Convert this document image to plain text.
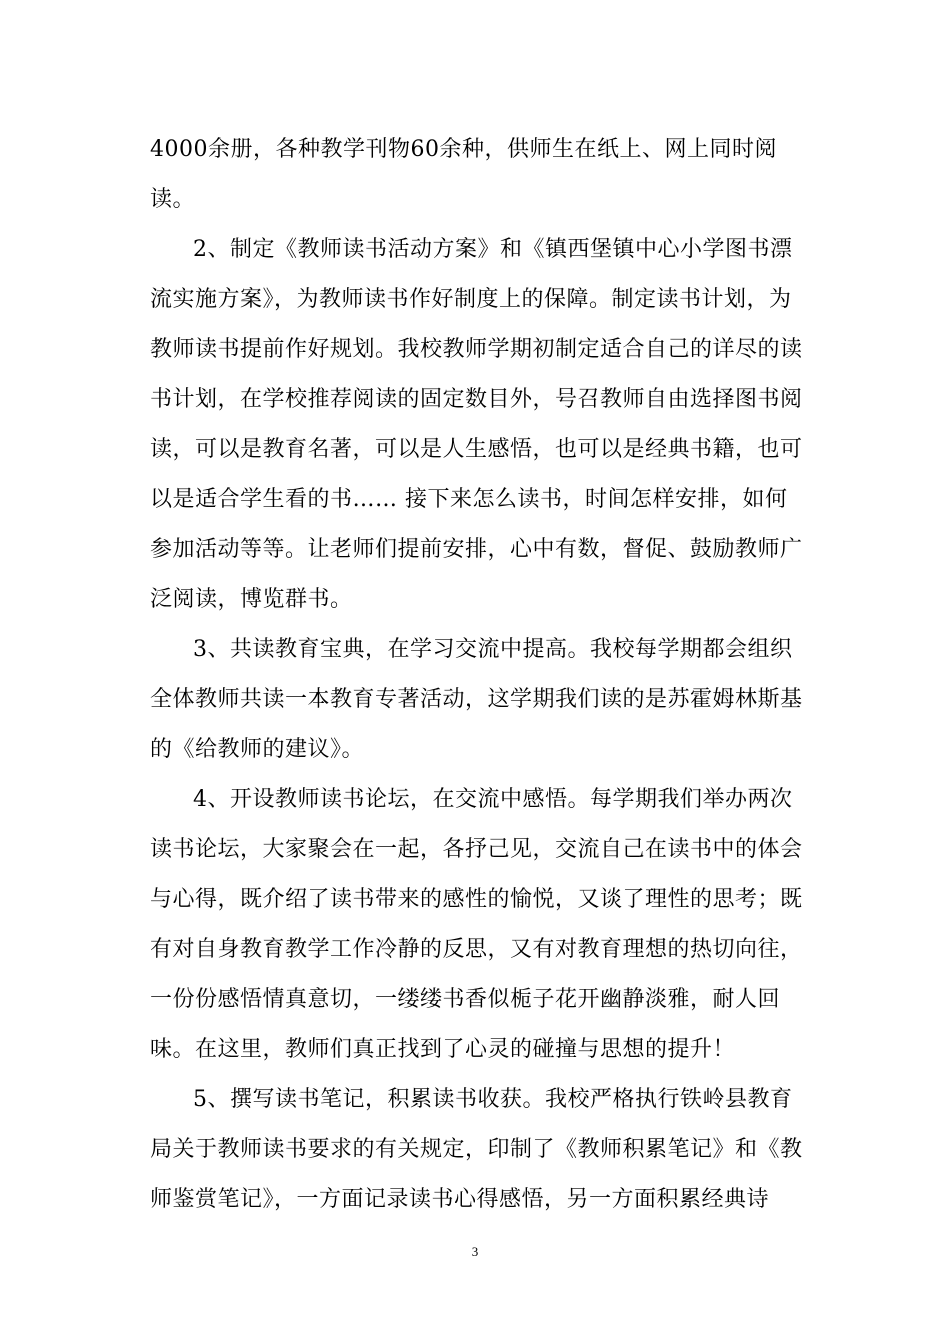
4000余册，各种教学刊物60余种，供师生在纸上、网上同时阅
读。
2、制定《教师读书活动方案》和《镇西堡镇中心小学图书漂
流实施方案》，为教师读书作好制度上的保障。制定读书计划，为
教师读书提前作好规划。我校教师学期初制定适合自己的详尽的读
书计划，在学校推荐阅读的固定数目外，号召教师自由选择图书阅
读，可以是教育名著，可以是人生感悟，也可以是经典书籍，也可
以是适合学生看的书…… 接下来怎么读书，时间怎样安排，如何
参加活动等等。让老师们提前安排，心中有数，督促、鼓励教师广
泛阅读，博览群书。
3、共读教育宝典，在学习交流中提高。我校每学期都会组织
全体教师共读一本教育专著活动，这学期我们读的是苏霍姆林斯基
的《给教师的建议》。
4、开设教师读书论坛，在交流中感悟。每学期我们举办两次
读书论坛，大家聚会在一起，各抒己见，交流自己在读书中的体会
与心得，既介绍了读书带来的感性的愉悦，又谈了理性的思考；既
有对自身教育教学工作冷静的反思，又有对教育理想的热切向往，
一份份感悟情真意切，一缕缕书香似栀子花开幽静淡雅，耐人回
味。在这里，教师们真正找到了心灵的碰撞与思想的提升！
5、撰写读书笔记，积累读书收获。我校严格执行铁岭县教育
局关于教师读书要求的有关规定，印制了《教师积累笔记》和《教
师鉴赏笔记》，一方面记录读书心得感悟，另一方面积累经典诗
3
